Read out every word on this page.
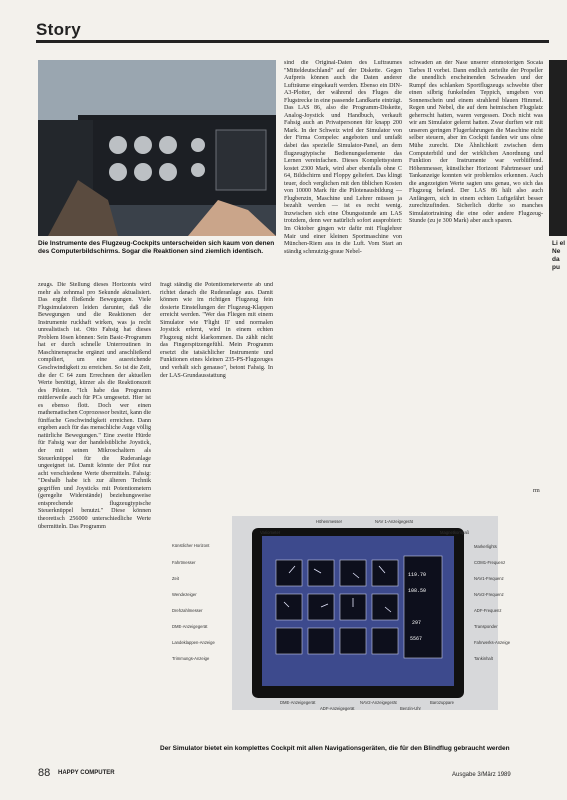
Story
Die Instrumente des Flugzeug-Cockpits unterscheiden sich kaum von denen des Computerbildschirms. Sogar die Reaktionen sind ziemlich identisch.
Li el Ne da pu

zeugs. Die Stellung dieses Horizonts wird mehr als zehnmal pro Sekunde aktualisiert. Das ergibt fließende Bewegungen. Viele Flugsimulatoren leiden darunter, daß die Bewegungen und die Reaktionen der Instrumente ruckhaft wirken, was ja recht unrealistisch ist. Otto Fahsig hat dieses Problem Iösen können: Sein Basic-Programm hat er durch schnelle Unterroutinen in Maschinensprache ergänzt und anschließend compiliert, um eine ausreichende Geschwindigkeit zu erreichen. So ist die Zeit, die der C 64 zum Errechnen der aktuellen Werte benötigt, kürzer als die Reaktionszeit des Piloten. "Ich habe das Programm mittlerweile auch für PCs umgesetzt. Hier ist es ebenso flott. Doch wer einen mathematischen Coprozessor besitzt, kann die fünffache Geschwindigkeit erreichen. Dann ergeben auch für das menschliche Auge völlig natürliche Bewegungen." Eine zweite Hürde für Fahsig war der handelsübliche Joystick, der mit seinen Mikroschaltern als Steuerknüppel für die Ruderanlage ungeeignet ist. Damit könnte der Pilot nur acht verschiedene Werte übermitteln. Fahsig: "Deshalb habe ich zur älteren Technik gegriffen und Joysticks mit Potentiometern (geregelte Widerstände) beziehungsweise entsprechende flugzeugtypische Steuerknüppel benutzt." Diese können theoretisch 256000 unterschiedliche Werte übermitteln. Das Programm

fragt ständig die Potentiometerwerte ab und richtet danach die Ruderanlage aus. Damit können wie im richtigen Flugzeug fein dosierte Einstellungen der Flugzeug-Klappen erreicht werden. "Wer das Fliegen mit einem Simulator wie 'Flight II' und normalen Joystick erlernt, wird in einem echten Flugzeug nicht klarkommen. Da zählt nicht das Fingerspitzengefühl. Mein Programm ersetzt die tatsächlicher Instrumente und Funktionen eines kleinen 235-PS-Flugzeuges und verhält sich genauso", betont Fahsig. In der LAS-Grundausstattung

sind die Original-Daten des Luftraumes "Mitteldeutschland" auf der Diskette. Gegen Aufpreis können auch die Daten anderer Lufträume eingekauft werden. Ebenso ein DIN-A3-Plotter, der während des Fluges die Flugstrecke in eine passende Landkarte einträgt. Das LAS 86, also die Programm-Diskette, Analog-Joystick und Handbuch, verkauft Fahsig auch an Privatpersonen für knapp 200 Mark. In der Schweiz wird der Simulator von der Firma Compelec angeboten und umfaßt dabei das spezielle Simulator-Panel, an dem flugzeugtypische Bedienungselemente das Lernen vereinfachen. Dieses Komplettsystem kostet 2300 Mark, wird aber ebenfalls ohne C 64, Bildschirm und Floppy geliefert. Das klingt teuer, doch verglichen mit den üblichen Kosten von 10000 Mark für die Pilotenausbildung — Flugbenzin, Maschine und Lehrer müssen ja bezahlt werden — ist es recht wenig. Inzwischen sich eine Übungsstunde am LAS trotzdem, denn wer natürlich sofort ausprobiert: Im Oktober gingen wir dafür mit Fluglehrer Mair und einer kleinen Sportmaschine von München-Riem aus in die Luft. Vom Start an ständig schmutzig-graue Nebel-

schwaden an der Nase unserer einmotorigen Socata Tarbes II vorbei. Dann endlich zerteilte der Propeller die unendlich erscheinenden Schwaden und der Rumpf des schlanken Sportflugzeugs schwebte über einen silbrig funkelnden Teppich, umgeben von Sonnenschein und einem strahlend blauen Himmel. Regen und Nebel, die auf dem heimischen Flugplatz geherrscht hatten, waren vergessen. Doch nicht was wir am Simulator gelernt hatten. Zwar durften wir mit unseren geringen Flugerfahrungen die Maschine nicht selber steuern, aber im Cockpit fanden wir uns ohne Mühe zurecht. Die Ähnlichkeit zwischen dem Computerbild und der wirklichen Anordnung und Funktion der Instrumente war verblüffend. Höhenmesser, künstlicher Horizont Fahrtmesser und Tankanzeige konnten wir problemlos erkennen. Auch die angezeigten Werte sagten uns genau, wo sich das Flugzeug befand. Der LAS 86 hält also auch Anfängern, sich in einem echten Luftgefährt besser zurechtzufinden. Sicherlich dürfte so manches Simulatortraining die eine oder andere Flugzeug-Stunde (zu je 300 Mark) aber auch sparen.

rm
119.70
108.50
297
5567
Höhenmesser	NAV 1-Anzeigegerät
Variometer	Magnetkompaß
Künstlicher Horizont	Markerlights
Fahrtmesser	COM1-Frequenz
Zeit	NAV1-Frequenz
Wendezeiger	NAV2-Frequenz
Drehzahlmesser	ADF-Frequenz
DME-Anzeigegerät	Transponder
Landeklappen-Anzeige	Fahrwerks-Anzeige
Trimmungs-Anzeige	Tankinhalt
DME-Anzeigegerät	Barozuppare
ADF-Anzeigegerät
NAV2-Anzeigegerät
Benzin-Uhr
Der Simulator bietet ein komplettes Cockpit mit allen Navigationsgeräten, die für den Blindflug gebraucht werden
88 HAPPY COMPUTER	Ausgabe 3/März 1989
